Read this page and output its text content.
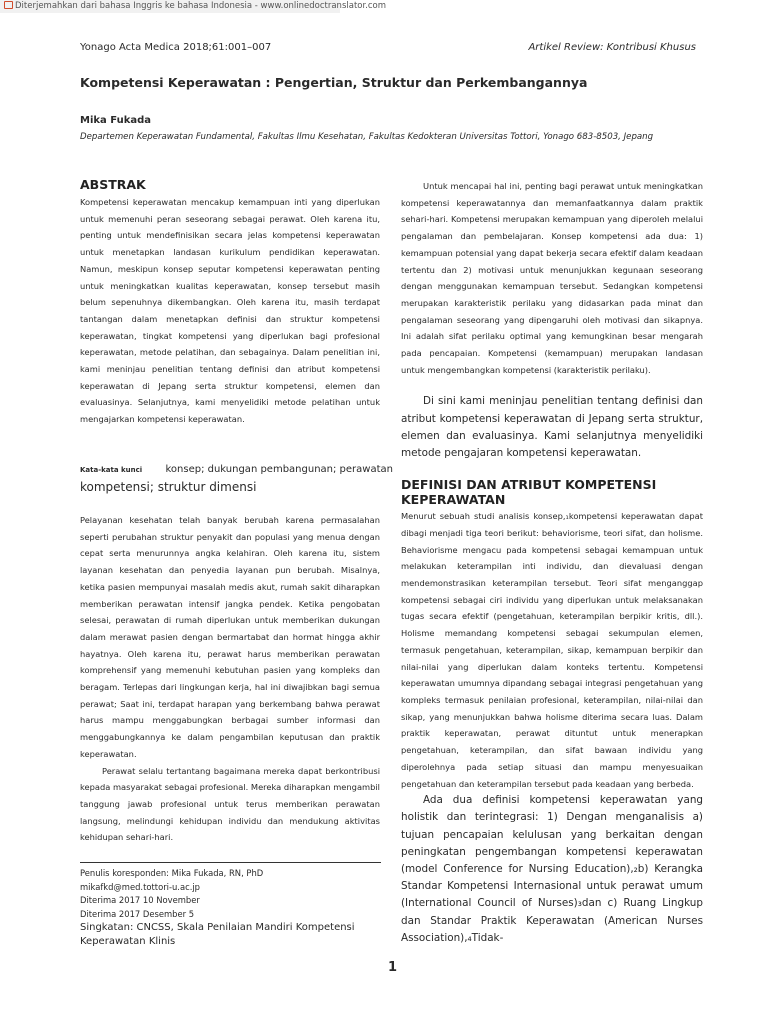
Diterjemahkan dari bahasa Inggris ke bahasa Indonesia - www.onlinedoctranslator.com
Yonago Acta Medica 2018;61:001–007	Artikel Review: Kontribusi Khusus
Kompetensi Keperawatan : Pengertian, Struktur dan Perkembangannya
Mika Fukada
Departemen Keperawatan Fundamental, Fakultas Ilmu Kesehatan, Fakultas Kedokteran Universitas Tottori, Yonago 683-8503, Jepang
ABSTRAK

Kompetensi keperawatan mencakup kemampuan inti yang diperlukan untuk memenuhi peran seseorang sebagai perawat. Oleh karena itu, penting untuk mendefinisikan secara jelas kompetensi keperawatan untuk menetapkan landasan kurikulum pendidikan keperawatan. Namun, meskipun konsep seputar kompetensi keperawatan penting untuk meningkatkan kualitas keperawatan, konsep tersebut masih belum sepenuhnya dikembangkan. Oleh karena itu, masih terdapat tantangan dalam menetapkan definisi dan struktur kompetensi keperawatan, tingkat kompetensi yang diperlukan bagi profesional keperawatan, metode pelatihan, dan sebagainya. Dalam penelitian ini, kami meninjau penelitian tentang definisi dan atribut kompetensi keperawatan di Jepang serta struktur kompetensi, elemen dan evaluasinya. Selanjutnya, kami menyelidiki metode pelatihan untuk mengajarkan kompetensi keperawatan.

Kata-kata kunci konsep; dukungan pembangunan; perawatan
kompetensi; struktur dimensi

Pelayanan kesehatan telah banyak berubah karena permasalahan seperti perubahan struktur penyakit dan populasi yang menua dengan cepat serta menurunnya angka kelahiran. Oleh karena itu, sistem layanan kesehatan dan penyedia layanan pun berubah. Misalnya, ketika pasien mempunyai masalah medis akut, rumah sakit diharapkan memberikan perawatan intensif jangka pendek. Ketika pengobatan selesai, perawatan di rumah diperlukan untuk memberikan dukungan dalam merawat pasien dengan bermartabat dan hormat hingga akhir hayatnya. Oleh karena itu, perawat harus memberikan perawatan komprehensif yang memenuhi kebutuhan pasien yang kompleks dan beragam. Terlepas dari lingkungan kerja, hal ini diwajibkan bagi semua perawat; Saat ini, terdapat harapan yang berkembang bahwa perawat harus mampu menggabungkan berbagai sumber informasi dan menggabungkannya ke dalam pengambilan keputusan dan praktik keperawatan.

Perawat selalu tertantang bagaimana mereka dapat berkontribusi kepada masyarakat sebagai profesional. Mereka diharapkan mengambil tanggung jawab profesional untuk terus memberikan perawatan langsung, melindungi kehidupan individu dan mendukung aktivitas kehidupan sehari-hari.

Penulis koresponden: Mika Fukada, RN, PhD
mikafkd@med.tottori-u.ac.jp
Diterima 2017 10 November
Diterima 2017 Desember 5
Singkatan: CNCSS, Skala Penilaian Mandiri Kompetensi
Keperawatan Klinis

Untuk mencapai hal ini, penting bagi perawat untuk meningkatkan kompetensi keperawatannya dan memanfaatkannya dalam praktik sehari-hari. Kompetensi merupakan kemampuan yang diperoleh melalui pengalaman dan pembelajaran. Konsep kompetensi ada dua: 1) kemampuan potensial yang dapat bekerja secara efektif dalam keadaan tertentu dan 2) motivasi untuk menunjukkan kegunaan seseorang dengan menggunakan kemampuan tersebut. Sedangkan kompetensi merupakan karakteristik perilaku yang didasarkan pada minat dan pengalaman seseorang yang dipengaruhi oleh motivasi dan sikapnya. Ini adalah sifat perilaku optimal yang kemungkinan besar mengarah pada pencapaian. Kompetensi (kemampuan) merupakan landasan untuk mengembangkan kompetensi (karakteristik perilaku).

Di sini kami meninjau penelitian tentang definisi dan atribut kompetensi keperawatan di Jepang serta struktur, elemen dan evaluasinya. Kami selanjutnya menyelidiki metode pengajaran kompetensi keperawatan.

DEFINISI DAN ATRIBUT KOMPETENSI
KEPERAWATAN

Menurut sebuah studi analisis konsep,₁kompetensi keperawatan dapat dibagi menjadi tiga teori berikut: behaviorisme, teori sifat, dan holisme. Behaviorisme mengacu pada kompetensi sebagai kemampuan untuk melakukan keterampilan inti individu, dan dievaluasi dengan mendemonstrasikan keterampilan tersebut. Teori sifat menganggap kompetensi sebagai ciri individu yang diperlukan untuk melaksanakan tugas secara efektif (pengetahuan, keterampilan berpikir kritis, dll.). Holisme memandang kompetensi sebagai sekumpulan elemen, termasuk pengetahuan, keterampilan, sikap, kemampuan berpikir dan nilai-nilai yang diperlukan dalam konteks tertentu. Kompetensi keperawatan umumnya dipandang sebagai integrasi pengetahuan yang kompleks termasuk penilaian profesional, keterampilan, nilai-nilai dan sikap, yang menunjukkan bahwa holisme diterima secara luas. Dalam praktik keperawatan, perawat dituntut untuk menerapkan pengetahuan, keterampilan, dan sifat bawaan individu yang diperolehnya pada setiap situasi dan mampu menyesuaikan pengetahuan dan keterampilan tersebut pada keadaan yang berbeda.

Ada dua definisi kompetensi keperawatan yang holistik dan terintegrasi: 1) Dengan menganalisis a) tujuan pencapaian kelulusan yang berkaitan dengan peningkatan pengembangan kompetensi keperawatan (model Conference for Nursing Education),₂b) Kerangka Standar Kompetensi Internasional untuk perawat umum (International Council of Nurses)₃dan c) Ruang Lingkup dan Standar Praktik Keperawatan (American Nurses Association),₄Tidak-

1
